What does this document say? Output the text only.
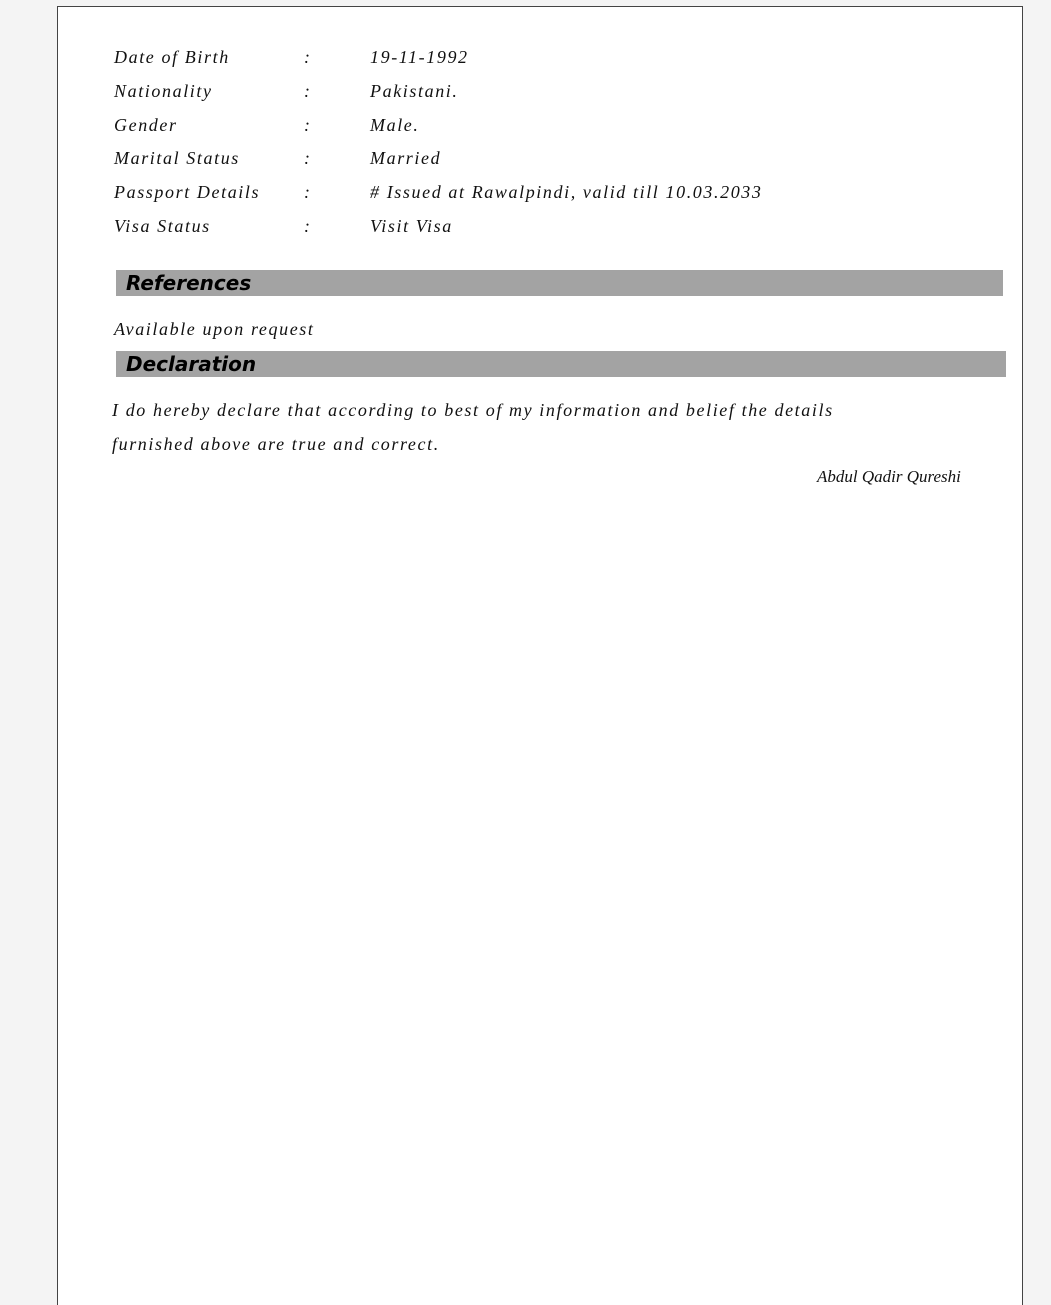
Date of Birth	:	19-11-1992
Nationality	:	Pakistani.
Gender	:	Male.
Marital Status	:	Married
Passport Details :	# Issued at Rawalpindi, valid till 10.03.2033
Visa Status	:	Visit Visa
References
Available upon request
Declaration
I do hereby declare that according to best of my information and belief the details
furnished above are true and correct.
Abdul Qadir Qureshi
